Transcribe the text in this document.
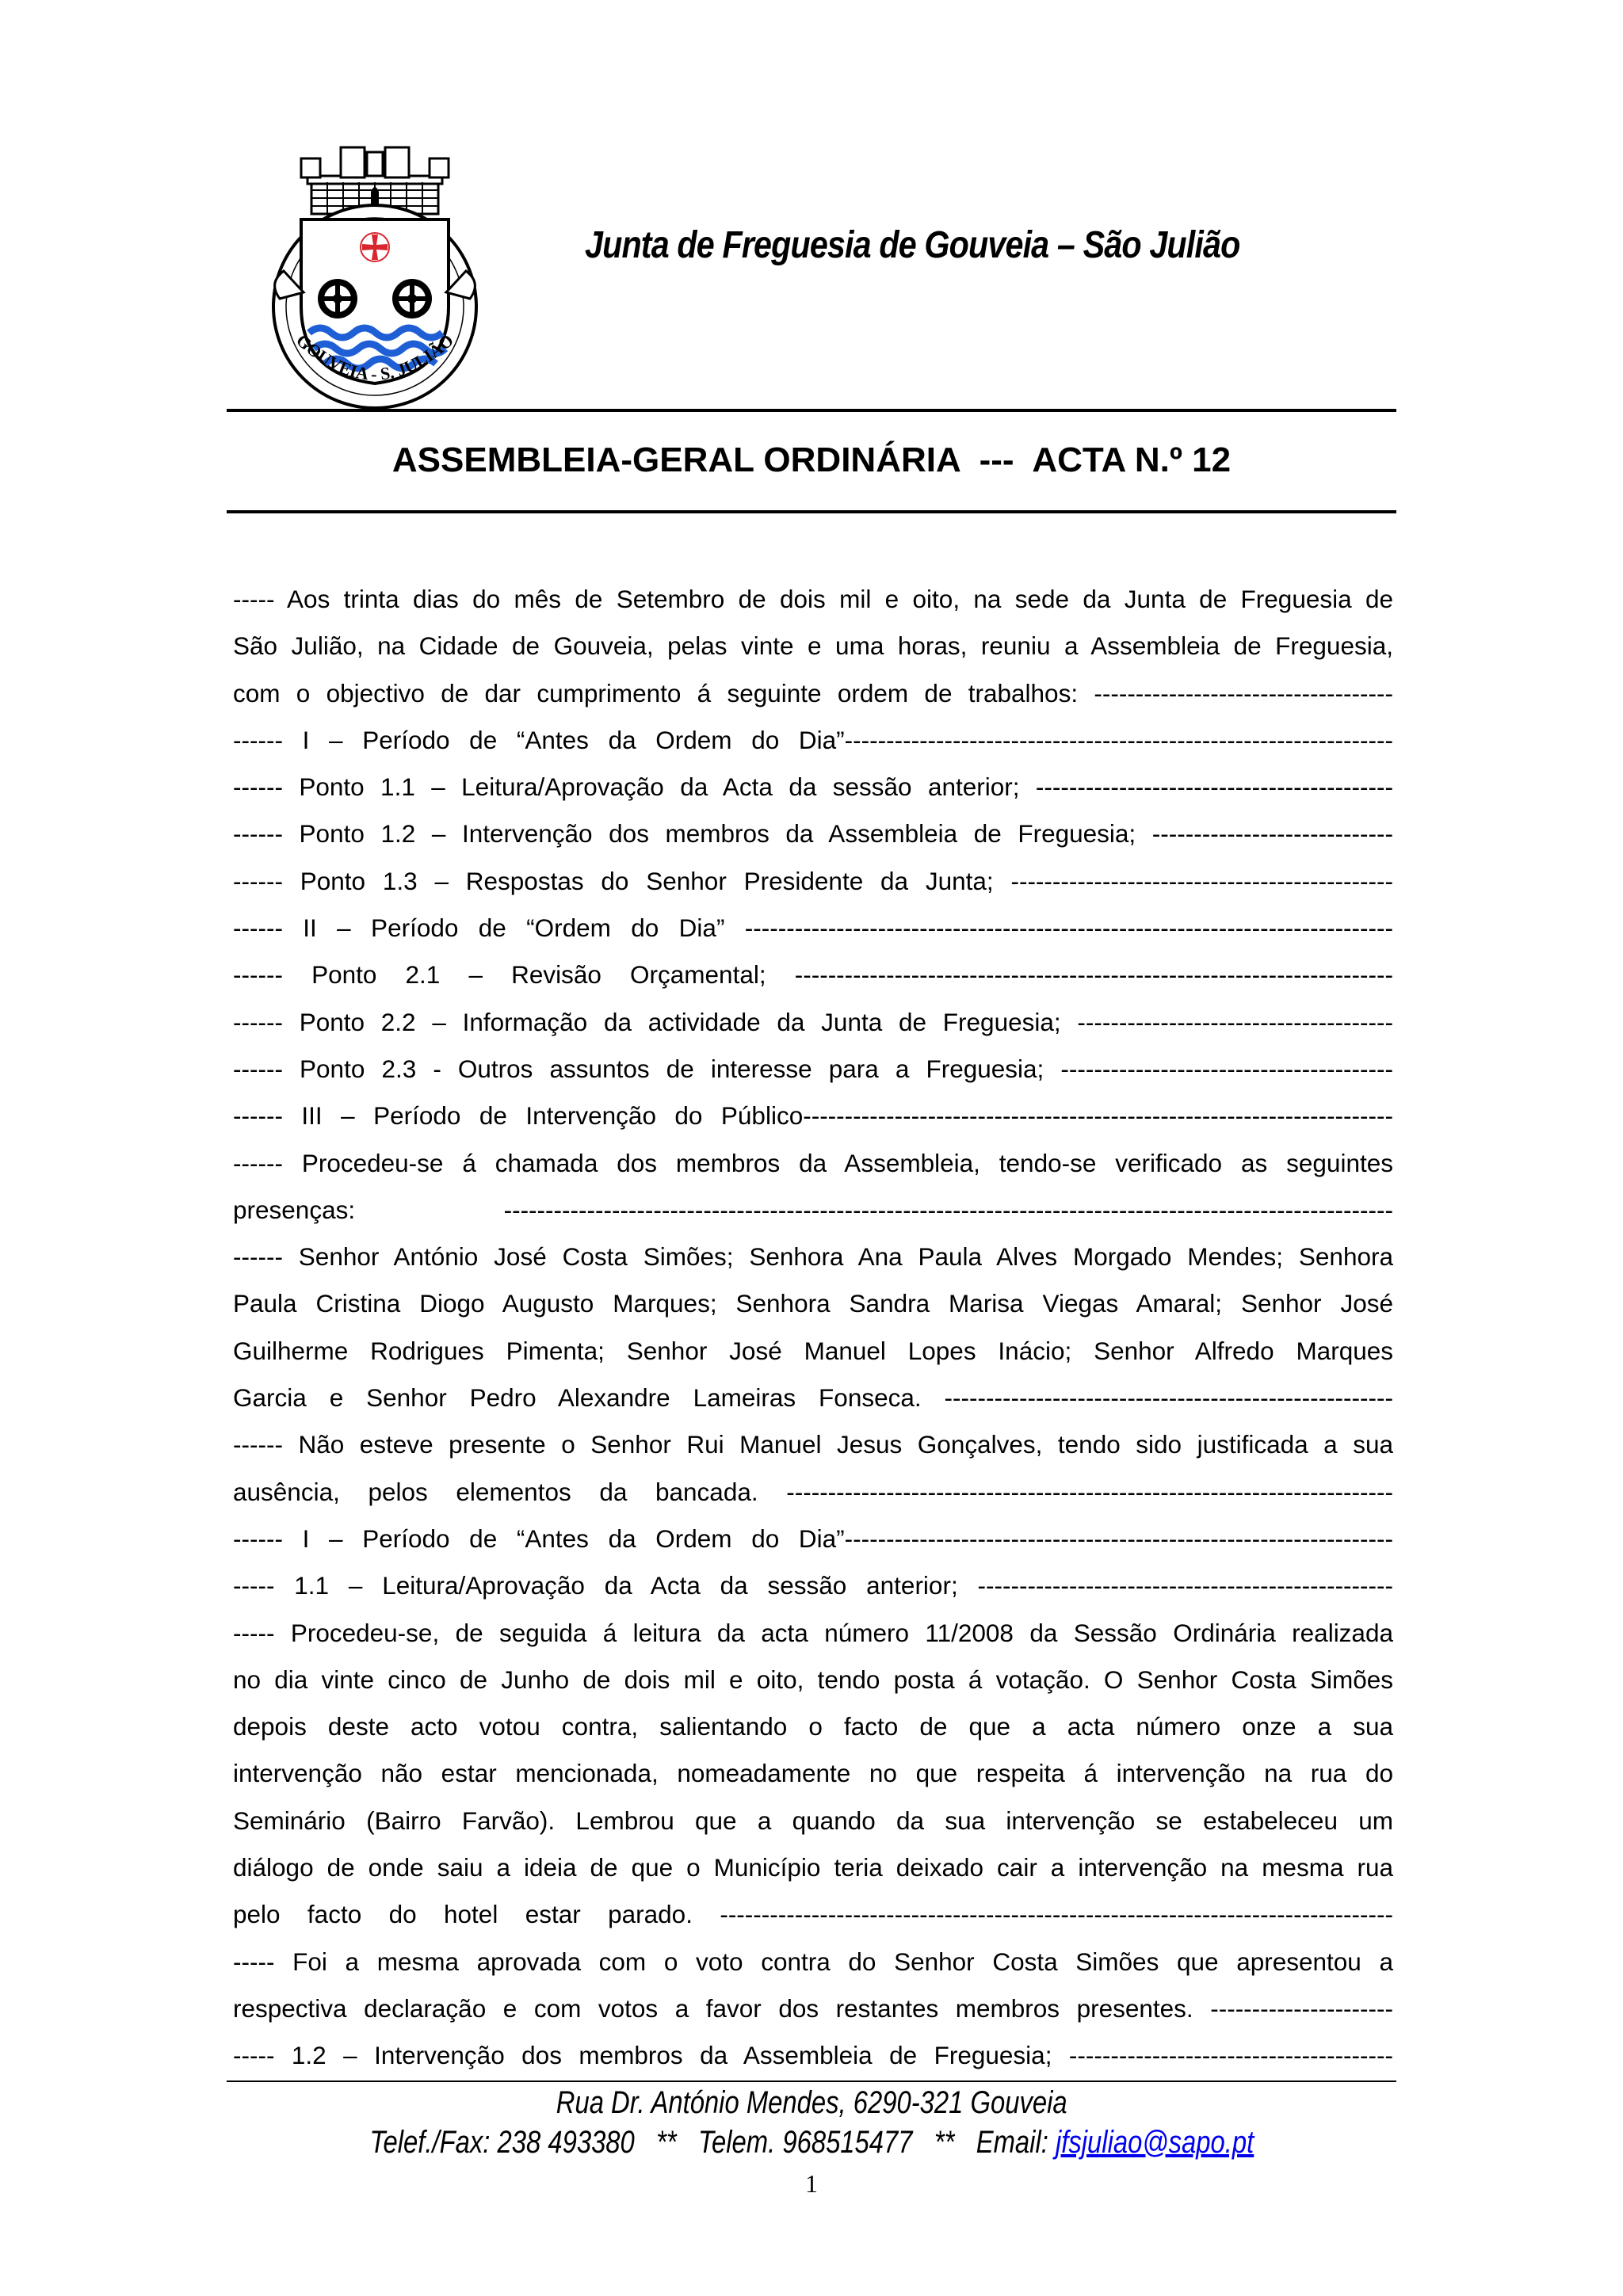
GOUVEIA - S. JULIÃO
Junta de Freguesia de Gouveia – São Julião
ASSEMBLEIA-GERAL ORDINÁRIA  ---  ACTA N.º 12
----- Aos trinta dias do mês de Setembro de dois mil e oito, na sede da Junta de Freguesia de
São Julião, na Cidade de Gouveia, pelas vinte e uma horas, reuniu a Assembleia de Freguesia,
com o objectivo de dar cumprimento á seguinte ordem de trabalhos: ------------------------------------
------ I – Período de “Antes da Ordem do Dia”------------------------------------------------------------------
------ Ponto 1.1 – Leitura/Aprovação da Acta da sessão anterior; -------------------------------------------
------ Ponto 1.2 – Intervenção dos membros da Assembleia de Freguesia; -----------------------------
------ Ponto 1.3 – Respostas do Senhor Presidente da Junta; ----------------------------------------------
------ II – Período de “Ordem do Dia” ------------------------------------------------------------------------------
------ Ponto 2.1 – Revisão Orçamental; ------------------------------------------------------------------------
------ Ponto 2.2 – Informação da actividade da Junta de Freguesia; --------------------------------------
------ Ponto 2.3 - Outros assuntos de interesse para a Freguesia; ----------------------------------------
------ III – Período de Intervenção do Público-----------------------------------------------------------------------
------ Procedeu-se á chamada dos membros da Assembleia, tendo-se verificado as seguintes
presenças: -----------------------------------------------------------------------------------------------------------
------ Senhor António José Costa Simões; Senhora Ana Paula Alves Morgado Mendes; Senhora
Paula Cristina Diogo Augusto Marques; Senhora Sandra Marisa Viegas Amaral; Senhor José
Guilherme Rodrigues Pimenta; Senhor José Manuel Lopes Inácio; Senhor Alfredo Marques
Garcia e Senhor Pedro Alexandre Lameiras Fonseca. ------------------------------------------------------
------ Não esteve presente o Senhor Rui Manuel Jesus Gonçalves, tendo sido justificada a sua
ausência, pelos elementos da bancada. -------------------------------------------------------------------------
------ I – Período de “Antes da Ordem do Dia”------------------------------------------------------------------
----- 1.1 – Leitura/Aprovação da Acta da sessão anterior; --------------------------------------------------
----- Procedeu-se, de seguida á leitura da acta número 11/2008 da Sessão Ordinária realizada
no dia vinte cinco de Junho de dois mil e oito, tendo posta á votação. O Senhor Costa Simões
depois deste acto votou contra, salientando o facto de que a acta número onze a sua
intervenção não estar mencionada, nomeadamente no que respeita á intervenção na rua do
Seminário (Bairro Farvão). Lembrou que a quando da sua intervenção se estabeleceu um
diálogo de onde saiu a ideia de que o Município teria deixado cair a intervenção na mesma rua
pelo facto do hotel estar parado. ---------------------------------------------------------------------------------
----- Foi a mesma aprovada com o voto contra do Senhor Costa Simões que apresentou a
respectiva declaração e com votos a favor dos restantes membros presentes. ----------------------
----- 1.2 – Intervenção dos membros da Assembleia de Freguesia; ---------------------------------------
Rua Dr. António Mendes, 6290-321 Gouveia
Telef./Fax: 238 493380   **   Telem. 968515477   **   Email: jfsjuliao@sapo.pt
1
